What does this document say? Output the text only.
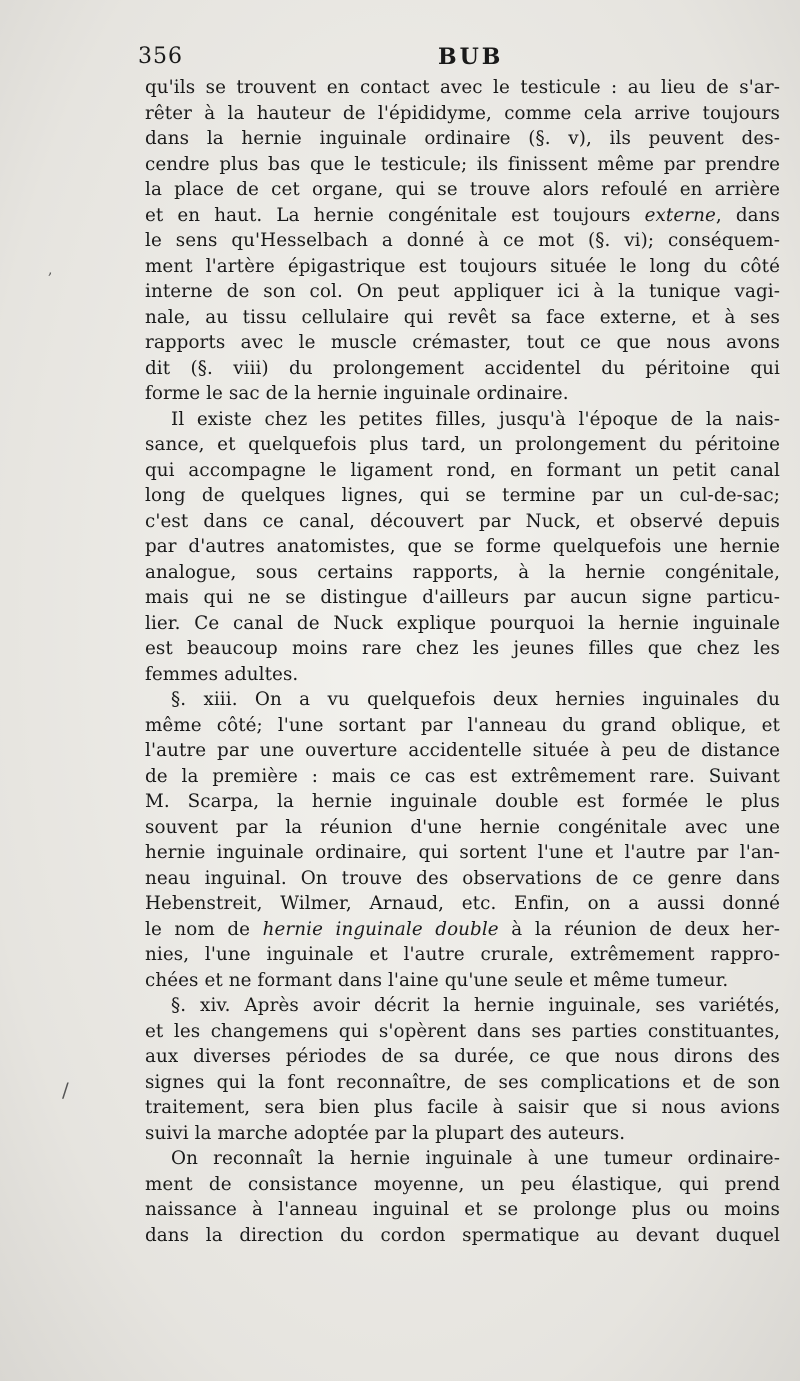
356	BUB
,
/
qu'ils se trouvent en contact avec le testicule : au lieu de s'ar-
rêter à la hauteur de l'épididyme, comme cela arrive toujours
dans la hernie inguinale ordinaire (§. v), ils peuvent des-
cendre plus bas que le testicule; ils finissent même par prendre
la place de cet organe, qui se trouve alors refoulé en arrière
et en haut. La hernie congénitale est toujours externe, dans
le sens qu'Hesselbach a donné à ce mot (§. vi); conséquem-
ment l'artère épigastrique est toujours située le long du côté
interne de son col. On peut appliquer ici à la tunique vagi-
nale, au tissu cellulaire qui revêt sa face externe, et à ses
rapports avec le muscle crémaster, tout ce que nous avons
dit (§. viii) du prolongement accidentel du péritoine qui
forme le sac de la hernie inguinale ordinaire.
Il existe chez les petites filles, jusqu'à l'époque de la nais-
sance, et quelquefois plus tard, un prolongement du péritoine
qui accompagne le ligament rond, en formant un petit canal
long de quelques lignes, qui se termine par un cul-de-sac;
c'est dans ce canal, découvert par Nuck, et observé depuis
par d'autres anatomistes, que se forme quelquefois une hernie
analogue, sous certains rapports, à la hernie congénitale,
mais qui ne se distingue d'ailleurs par aucun signe particu-
lier. Ce canal de Nuck explique pourquoi la hernie inguinale
est beaucoup moins rare chez les jeunes filles que chez les
femmes adultes.
§. xiii. On a vu quelquefois deux hernies inguinales du
même côté; l'une sortant par l'anneau du grand oblique, et
l'autre par une ouverture accidentelle située à peu de distance
de la première : mais ce cas est extrêmement rare. Suivant
M. Scarpa, la hernie inguinale double est formée le plus
souvent par la réunion d'une hernie congénitale avec une
hernie inguinale ordinaire, qui sortent l'une et l'autre par l'an-
neau inguinal. On trouve des observations de ce genre dans
Hebenstreit, Wilmer, Arnaud, etc. Enfin, on a aussi donné
le nom de hernie inguinale double à la réunion de deux her-
nies, l'une inguinale et l'autre crurale, extrêmement rappro-
chées et ne formant dans l'aine qu'une seule et même tumeur.
§. xiv. Après avoir décrit la hernie inguinale, ses variétés,
et les changemens qui s'opèrent dans ses parties constituantes,
aux diverses périodes de sa durée, ce que nous dirons des
signes qui la font reconnaître, de ses complications et de son
traitement, sera bien plus facile à saisir que si nous avions
suivi la marche adoptée par la plupart des auteurs.
On reconnaît la hernie inguinale à une tumeur ordinaire-
ment de consistance moyenne, un peu élastique, qui prend
naissance à l'anneau inguinal et se prolonge plus ou moins
dans la direction du cordon spermatique au devant duquel
